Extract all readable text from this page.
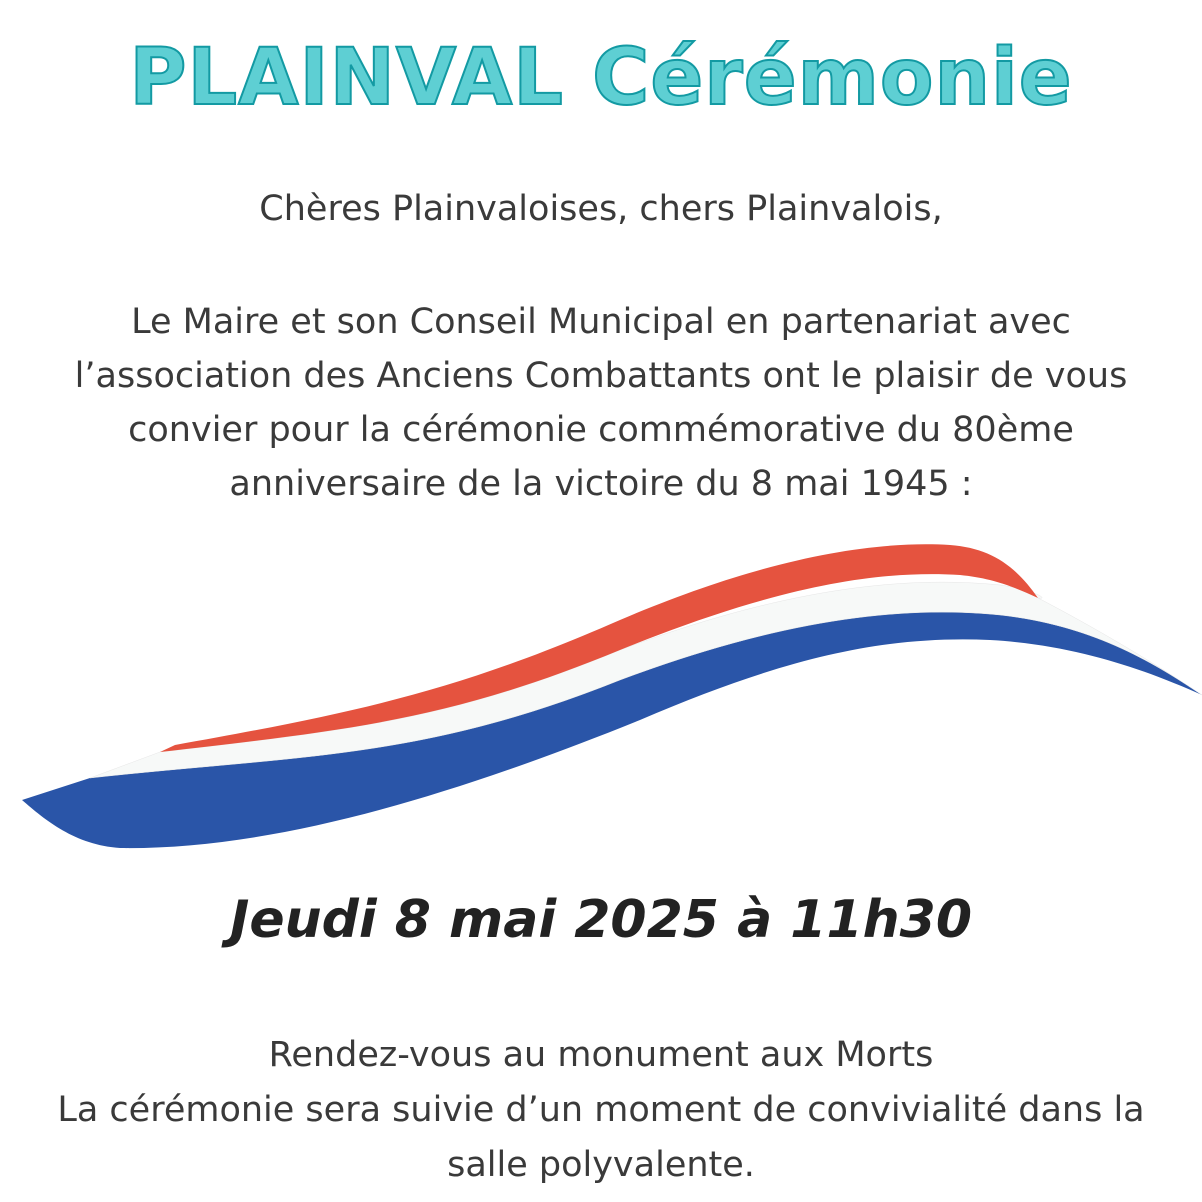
PLAINVAL Cérémonie
Chères Plainvaloises, chers Plainvalois,
Le Maire et son Conseil Municipal en partenariat avec
l’association des Anciens Combattants ont le plaisir de vous
convier pour la cérémonie commémorative du 80ème
anniversaire de la victoire du 8 mai 1945 :
Jeudi 8 mai 2025 à 11h30
Rendez-vous au monument aux Morts
La cérémonie sera suivie d’un moment de convivialité dans la
salle polyvalente.
